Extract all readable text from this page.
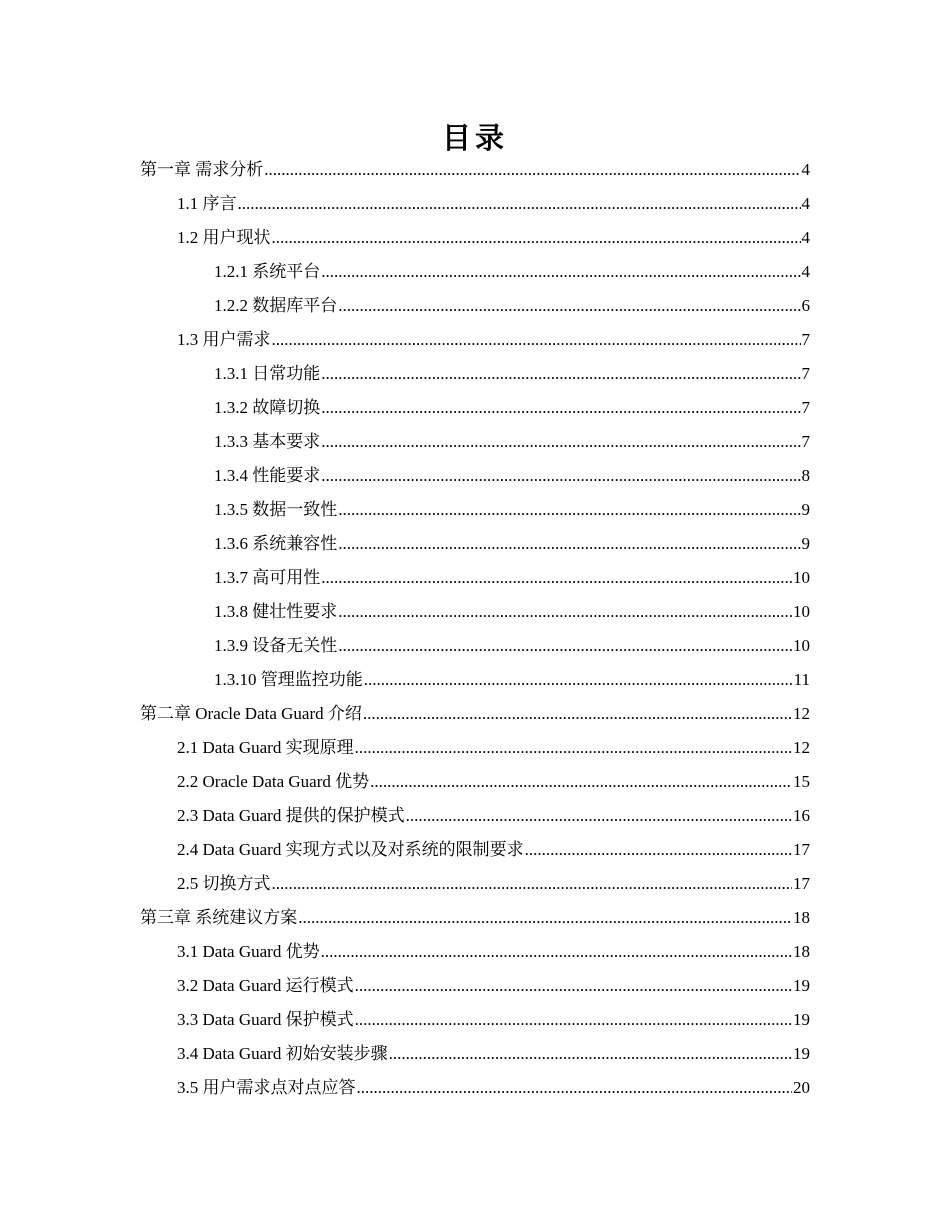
目录
第一章 需求分析 .....	4
1.1 序言 .....	4
1.2 用户现状 .....	4
1.2.1 系统平台 .....	4
1.2.2 数据库平台 .....	6
1.3 用户需求 .....	7
1.3.1 日常功能 .....	7
1.3.2 故障切换 .....	7
1.3.3 基本要求 .....	7
1.3.4 性能要求 .....	8
1.3.5 数据一致性 .....	9
1.3.6 系统兼容性 .....	9
1.3.7 高可用性 .....	10
1.3.8 健壮性要求 .....	10
1.3.9 设备无关性 .....	10
1.3.10 管理监控功能 .....	11
第二章 Oracle Data Guard 介绍 .....	12
2.1 Data Guard 实现原理 .....	12
2.2 Oracle Data Guard 优势 .....	15
2.3 Data Guard 提供的保护模式 .....	16
2.4 Data Guard 实现方式以及对系统的限制要求 .....	17
2.5 切换方式 .....	17
第三章 系统建议方案 .....	18
3.1 Data Guard 优势 .....	18
3.2 Data Guard 运行模式 .....	19
3.3 Data Guard 保护模式 .....	19
3.4 Data Guard 初始安装步骤 .....	19
3.5 用户需求点对点应答 .....	20
